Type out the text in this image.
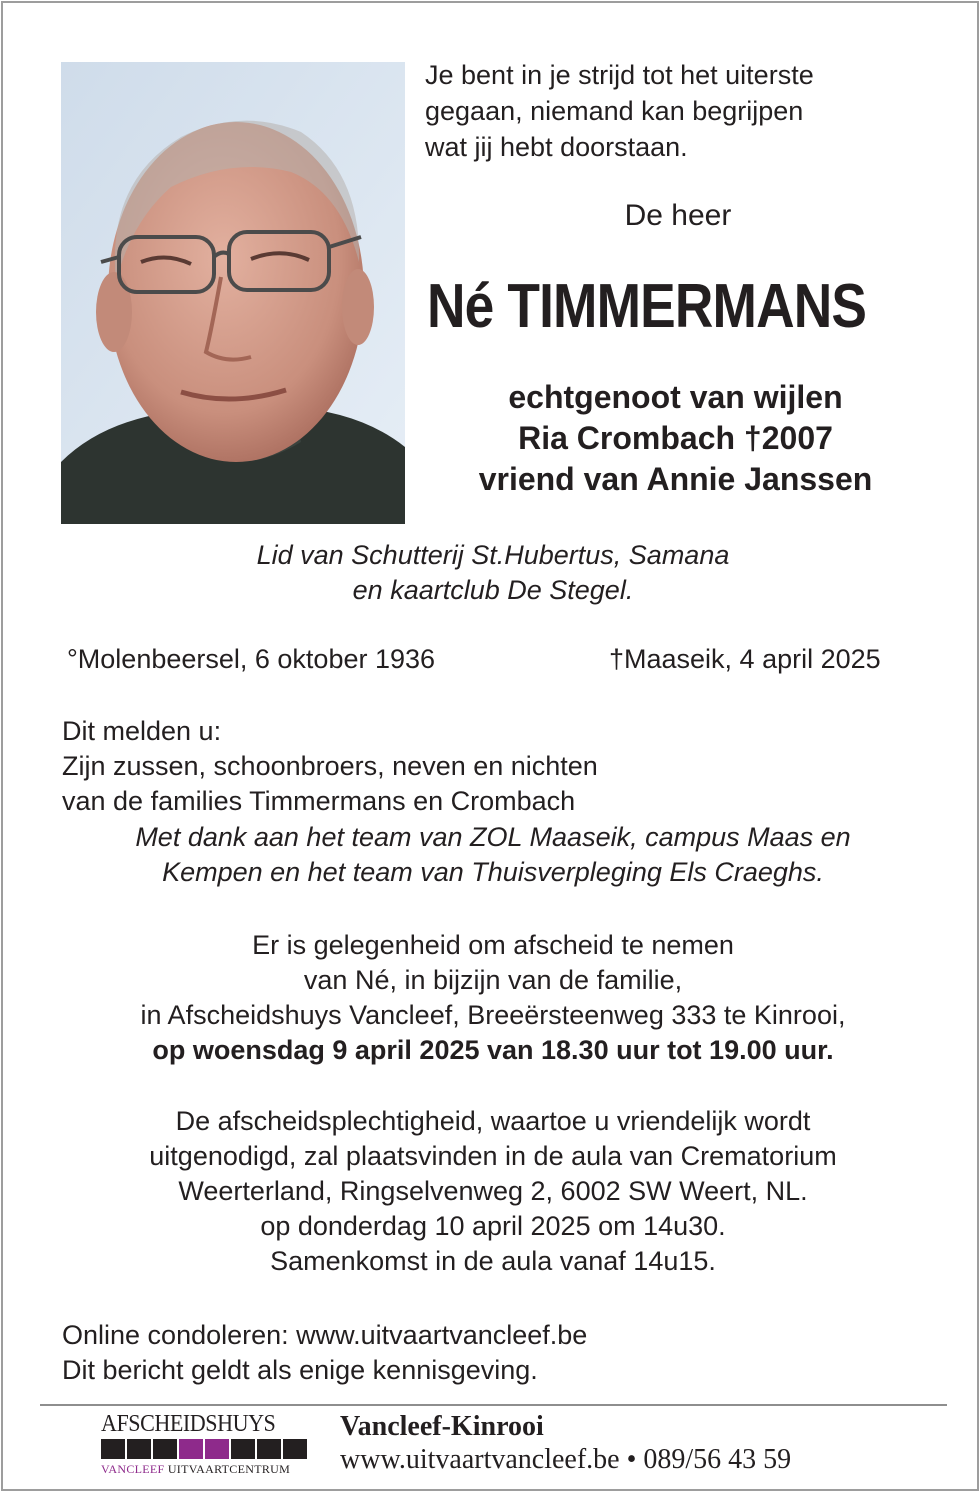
Je bent in je strijd tot het uiterste
gegaan, niemand kan begrijpen
wat jij hebt doorstaan.
De heer
Né TIMMERMANS
echtgenoot van wijlen
Ria Crombach †2007
vriend van Annie Janssen
Lid van Schutterij St.Hubertus, Samana
en kaartclub De Stegel.
°Molenbeersel, 6 oktober 1936	†Maaseik, 4 april 2025
Dit melden u:
Zijn zussen, schoonbroers, neven en nichten
van de families Timmermans en Crombach
Met dank aan het team van ZOL Maaseik, campus Maas en
Kempen en het team van Thuisverpleging Els Craeghs.
Er is gelegenheid om afscheid te nemen
van Né, in bijzijn van de familie,
in Afscheidshuys Vancleef, Breeërsteenweg 333 te Kinrooi,
op woensdag 9 april 2025 van 18.30 uur tot 19.00 uur.
De afscheidsplechtigheid, waartoe u vriendelijk wordt
uitgenodigd, zal plaatsvinden in de aula van Crematorium
Weerterland, Ringselvenweg 2, 6002 SW Weert, NL.
op donderdag 10 april 2025 om 14u30.
Samenkomst in de aula vanaf 14u15.
Online condoleren: www.uitvaartvancleef.be
Dit bericht geldt als enige kennisgeving.
AFSCHEIDSHUYS
VANCLEEF UITVAARTCENTRUM
Vancleef-Kinrooi
www.uitvaartvancleef.be • 089/56 43 59
